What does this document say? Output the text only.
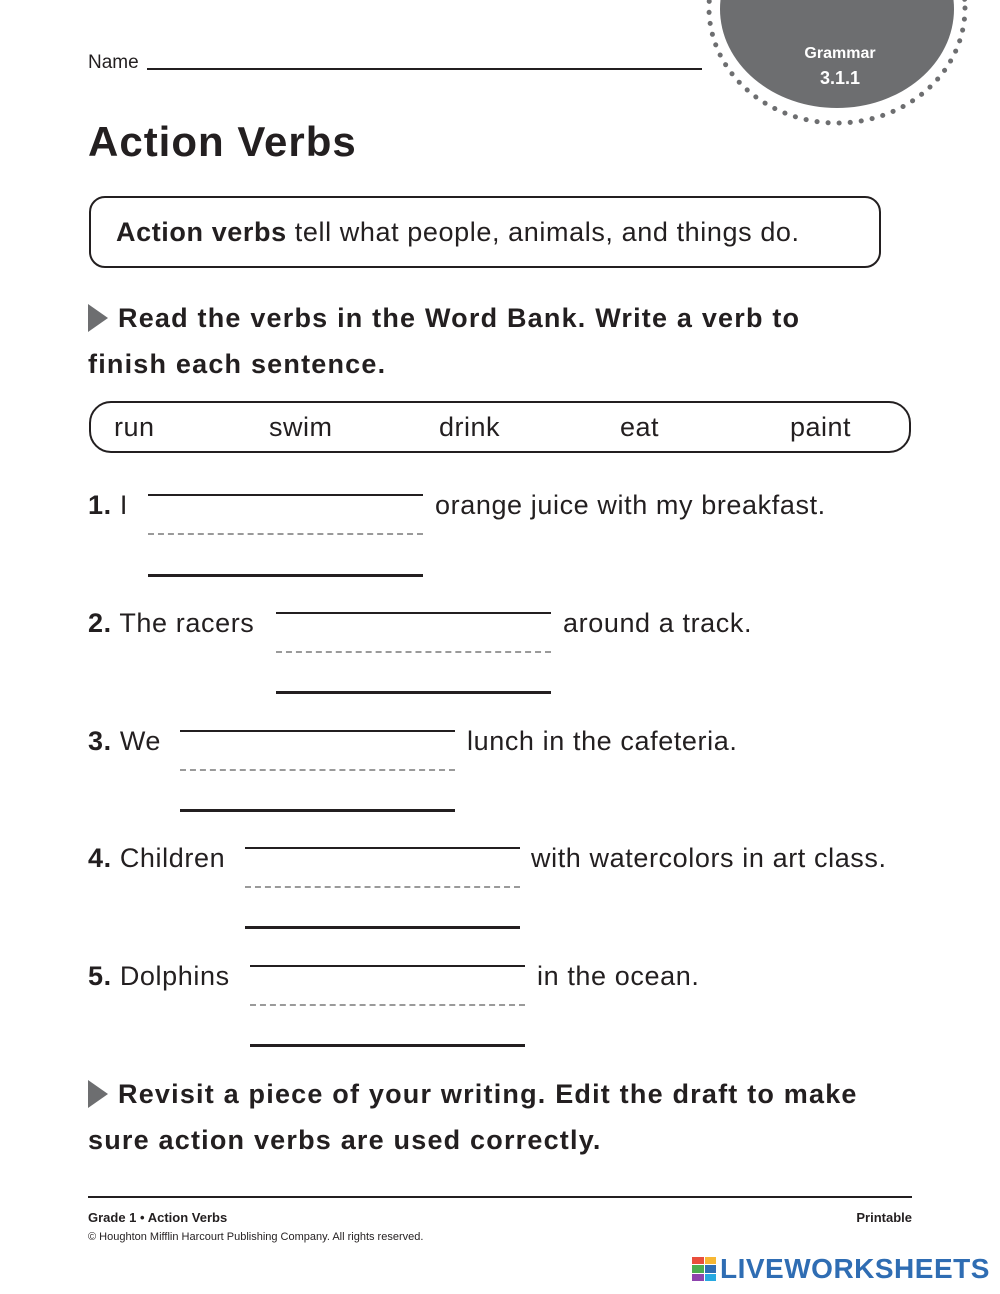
Name	Grammar
3.1.1
Action Verbs
Action verbs tell what people, animals, and things do.
Read the verbs in the Word Bank. Write a verb to
finish each sentence.
run	swim	drink	eat	paint
1. I	orange juice with my breakfast.
2. The racers	around a track.
3. We	lunch in the cafeteria.
4. Children	with watercolors in art class.
5. Dolphins	in the ocean.
Revisit a piece of your writing. Edit the draft to make
sure action verbs are used correctly.
Grade 1 • Action Verbs	Printable
© Houghton Mifflin Harcourt Publishing Company. All rights reserved.
LIVEWORKSHEETS
